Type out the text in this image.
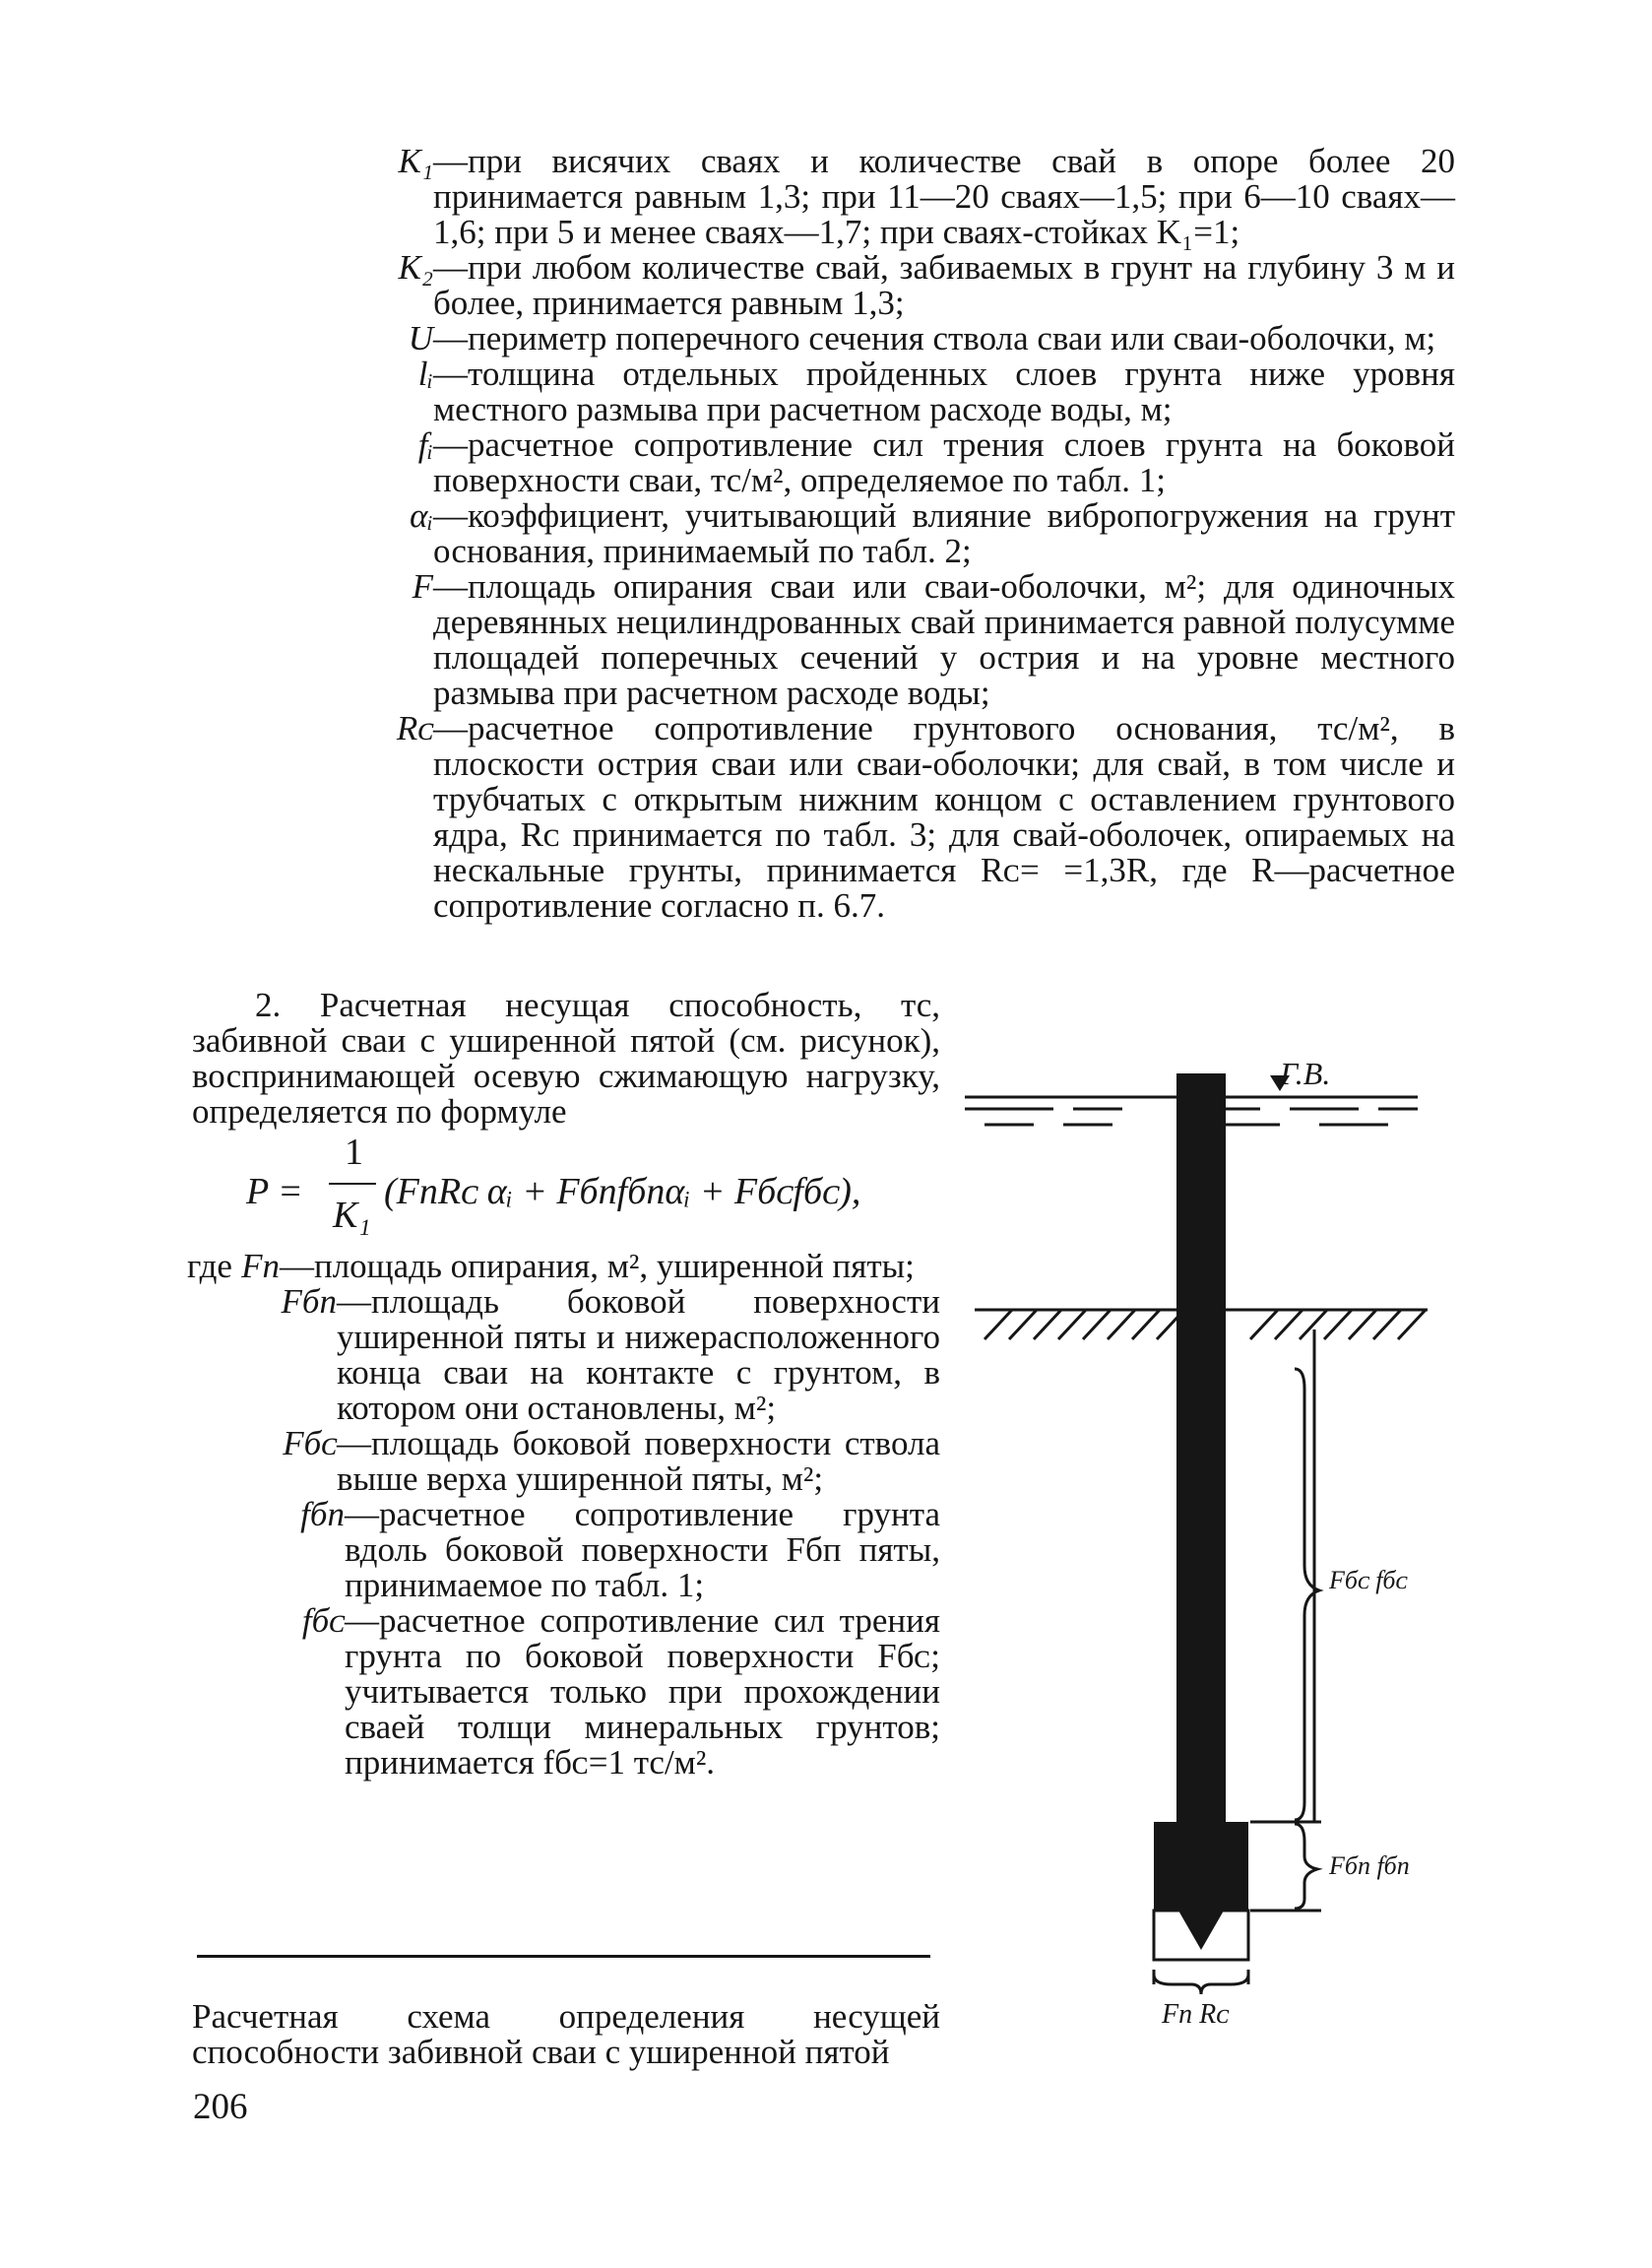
K₁ —при висячих сваях и количестве свай в опоре более 20 принимается равным 1,3; при 11—20 сваях—1,5; при 6—10 сваях—1,6; при 5 и менее сваях—1,7; при сваях-стойках K₁=1;
K₂ —при любом количестве свай, забиваемых в грунт на глубину 3 м и более, принимается равным 1,3;
U —периметр поперечного сечения ствола сваи или сваи-оболочки, м;
lᵢ —толщина отдельных пройденных слоев грунта ниже уровня местного размыва при расчетном расходе воды, м;
fᵢ —расчетное сопротивление сил трения слоев грунта на боковой поверхности сваи, тс/м², определяемое по табл. 1;
αᵢ —коэффициент, учитывающий влияние вибропогружения на грунт основания, принимаемый по табл. 2;
F —площадь опирания сваи или сваи-оболочки, м²; для одиночных деревянных нецилиндрованных свай принимается равной полусумме площадей поперечных сечений у острия и на уровне местного размыва при расчетном расходе воды;
Rᴄ —расчетное сопротивление грунтового основания, тс/м², в плоскости острия сваи или сваи-оболочки; для свай, в том числе и трубчатых с открытым нижним концом с оставлением грунтового ядра, Rᴄ принимается по табл. 3; для свай-оболочек, опираемых на нескальные грунты, принимается Rᴄ= =1,3R, где R—расчетное сопротивление согласно п. 6.7.

2. Расчетная несущая способность, тс, забивной сваи с уширенной пятой (см. рисунок), воспринимающей осевую сжимающую нагрузку, определяется по формуле

P =
1
K₁
(FпRᴄ αᵢ + Fбпfбпαᵢ + Fбᴄfбᴄ),
где Fп —площадь опирания, м², уширенной пяты;
Fбп —площадь боковой поверхности уширенной пяты и нижерасположенного конца сваи на контакте с грунтом, в котором они остановлены, м²;
Fбᴄ —площадь боковой поверхности ствола выше верха уширенной пяты, м²;
fбп —расчетное сопротивление грунта вдоль боковой поверхности Fбп пяты, принимаемое по табл. 1;
fбᴄ —расчетное сопротивление сил трения грунта по боковой поверхности Fбᴄ; учитывается только при прохождении сваей толщи минеральных грунтов; принимается fбᴄ=1 тс/м².
Расчетная схема определения несущей способности забивной сваи с уширенной пятой
206
Г.В.
Fбᴄ fбᴄ
Fбп fбп
Fп Rᴄ
